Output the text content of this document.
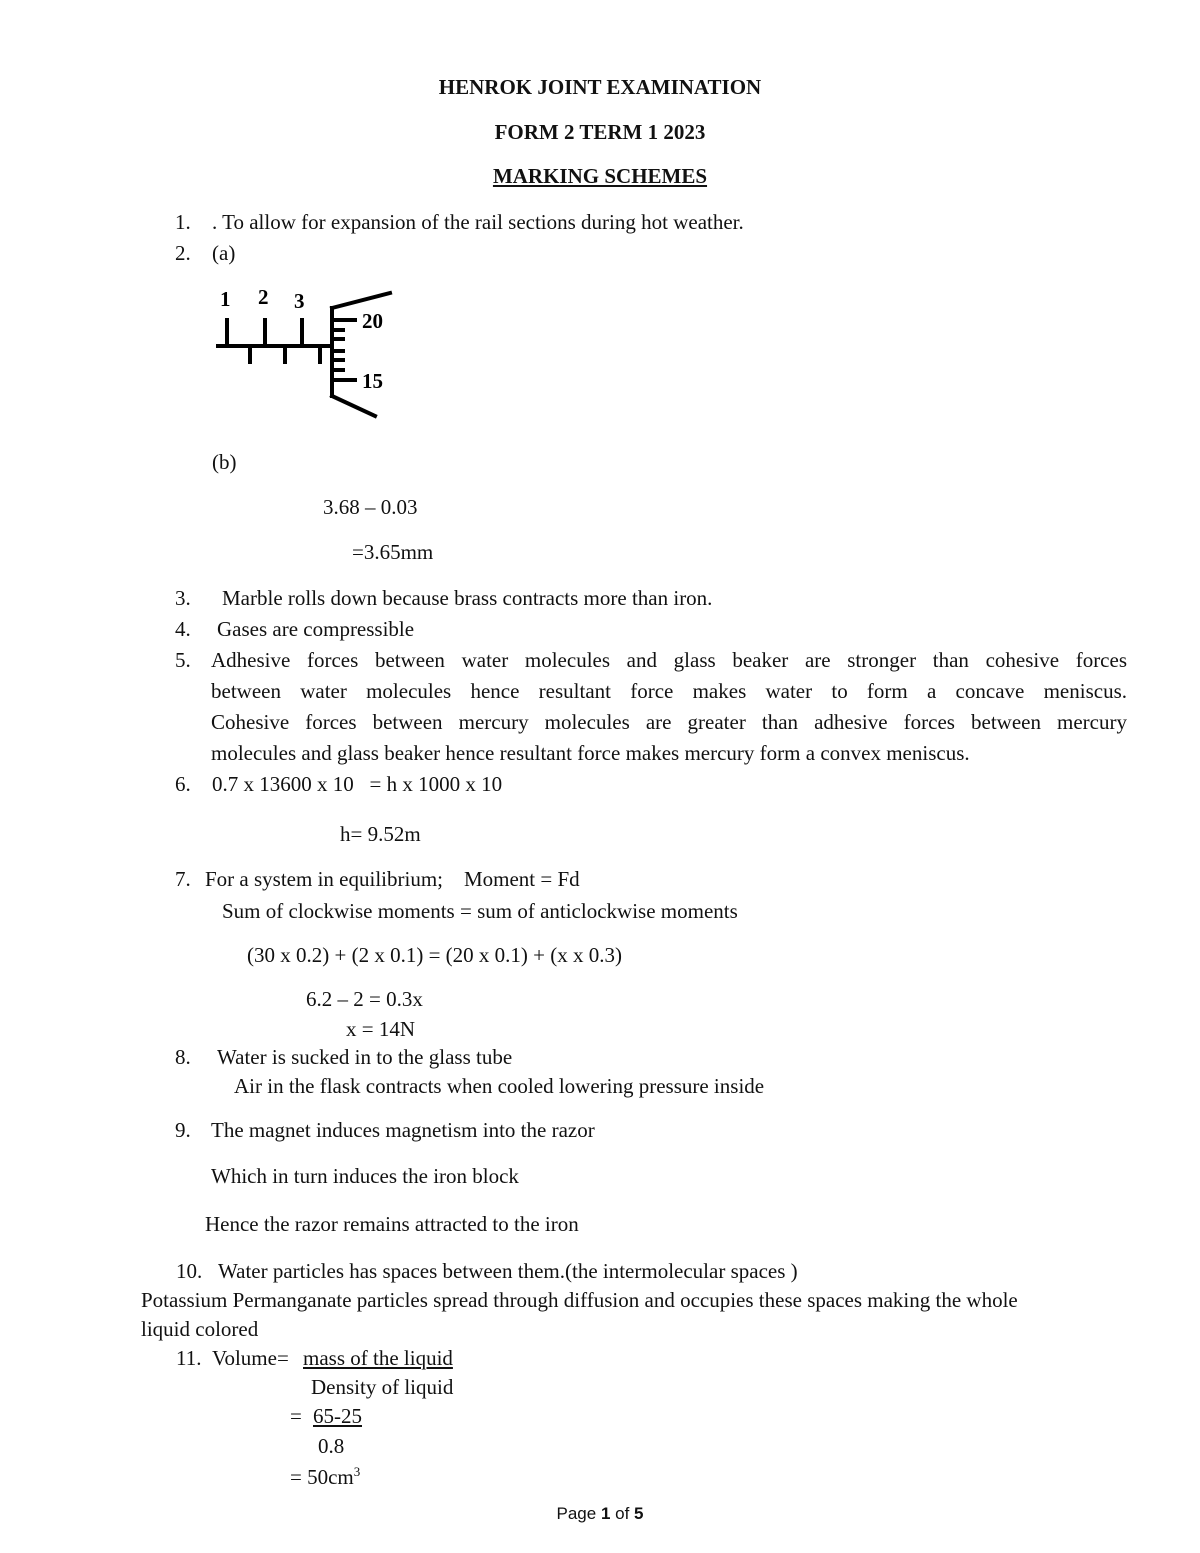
HENROK JOINT EXAMINATION
FORM 2 TERM 1 2023
MARKING SCHEMES
1.	. To allow for expansion of the rail sections during hot weather.
2.	(a)
1 2 3
20
15
(b)
3.68 – 0.03
=3.65mm
3.	Marble rolls down because brass contracts more than iron.
4.	Gases are compressible
5. Adhesive forces between water molecules and glass beaker are stronger than cohesive forces
between water molecules hence resultant force makes water to form a concave meniscus.
Cohesive forces between mercury molecules are greater than adhesive forces between mercury
molecules and glass beaker hence resultant force makes mercury form a convex meniscus.
6.	0.7 x 13600 x 10   = h x 1000 x 10
h= 9.52m
7. For a system in equilibrium;    Moment = Fd
Sum of clockwise moments = sum of anticlockwise moments
(30 x 0.2) + (2 x 0.1) = (20 x 0.1) + (x x 0.3)
6.2 – 2 = 0.3x
x = 14N
8.	Water is sucked in to the glass tube
Air in the flask contracts when cooled lowering pressure inside
9. The magnet induces magnetism into the razor
Which in turn induces the iron block
Hence the razor remains attracted to the iron
10. Water particles has spaces between them.(the intermolecular spaces )
Potassium Permanganate particles spread through diffusion and occupies these spaces making the whole
liquid colored
11. Volume= mass of the liquid
Density of liquid
= 65-25
0.8
= $50cm^3$
Page 1 of 5
